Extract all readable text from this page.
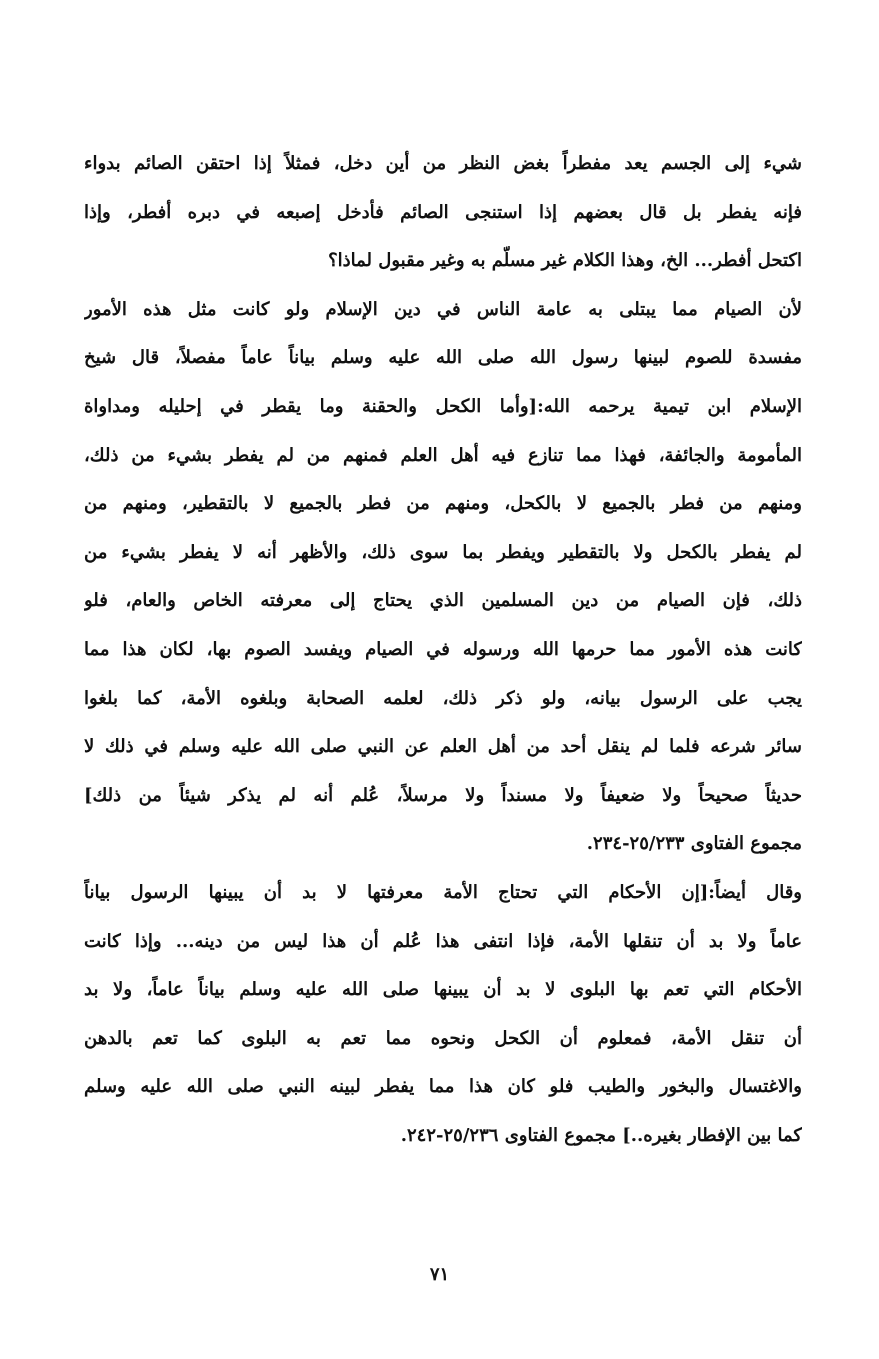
شيء إلى الجسم يعد مفطراً بغض النظر من أين دخل، فمثلاً إذا احتقن الصائم بدواء
فإنه يفطر بل قال بعضهم إذا استنجى الصائم فأدخل إصبعه في دبره أفطر، وإذا
اكتحل أفطر... الخ، وهذا الكلام غير مسلّم به وغير مقبول لماذا؟
لأن الصيام مما يبتلى به عامة الناس في دين الإسلام ولو كانت مثل هذه الأمور
مفسدة للصوم لبينها رسول الله صلى الله عليه وسلم بياناً عاماً مفصلاً، قال شيخ
الإسلام ابن تيمية يرحمه الله:[وأما الكحل والحقنة وما يقطر في إحليله ومداواة
المأمومة والجائفة، فهذا مما تنازع فيه أهل العلم فمنهم من لم يفطر بشيء من ذلك،
ومنهم من فطر بالجميع لا بالكحل، ومنهم من فطر بالجميع لا بالتقطير، ومنهم من
لم يفطر بالكحل ولا بالتقطير ويفطر بما سوى ذلك، والأظهر أنه لا يفطر بشيء من
ذلك، فإن الصيام من دين المسلمين الذي يحتاج إلى معرفته الخاص والعام، فلو
كانت هذه الأمور مما حرمها الله ورسوله في الصيام ويفسد الصوم بها، لكان هذا مما
يجب على الرسول بيانه، ولو ذكر ذلك، لعلمه الصحابة وبلغوه الأمة، كما بلغوا
سائر شرعه فلما لم ينقل أحد من أهل العلم عن النبي صلى الله عليه وسلم في ذلك لا
حديثاً صحيحاً ولا ضعيفاً ولا مسنداً ولا مرسلاً، عُلم أنه لم يذكر شيئاً من ذلك]
مجموع الفتاوى ٢٥/٢٣٣-٢٣٤.
وقال أيضاً:[إن الأحكام التي تحتاج الأمة معرفتها لا بد أن يبينها الرسول بياناً
عاماً ولا بد أن تنقلها الأمة، فإذا انتفى هذا عُلم أن هذا ليس من دينه... وإذا كانت
الأحكام التي تعم بها البلوى لا بد أن يبينها صلى الله عليه وسلم بياناً عاماً، ولا بد
أن تنقل الأمة، فمعلوم أن الكحل ونحوه مما تعم به البلوى كما تعم بالدهن
والاغتسال والبخور والطيب فلو كان هذا مما يفطر لبينه النبي صلى الله عليه وسلم
كما بين الإفطار بغيره..] مجموع الفتاوى ٢٥/٢٣٦-٢٤٢.
٧١
